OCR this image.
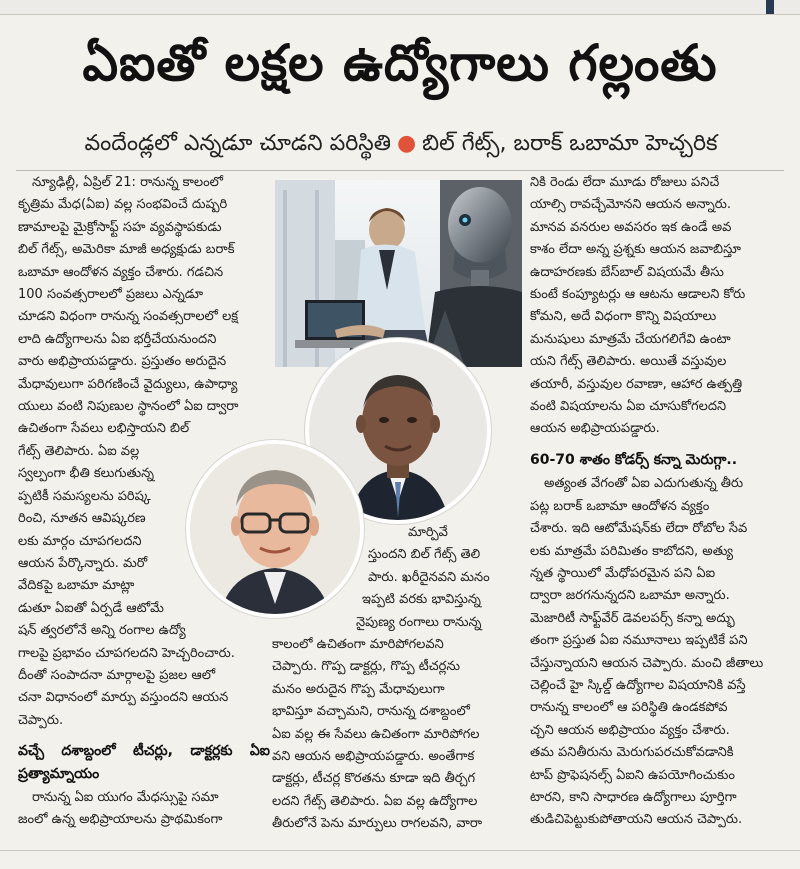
ఏఐతో లక్షల ఉద్యోగాలు గల్లంతు
వందేండ్లలో ఎన్నడూ చూడని పరిస్థితి ● బిల్ గేట్స్, బరాక్ ఒబామా హెచ్చరిక

న్యూఢిల్లీ, ఏప్రిల్ 21: రానున్న కాలంలో

కృత్రిమ మేధ(ఏఐ) వల్ల సంభవించే దుష్పరి

ణామాలపై మైక్రోసాఫ్ట్ సహ వ్యవస్థాపకుడు

బిల్ గేట్స్, అమెరికా మాజీ అధ్యక్షుడు బరాక్

ఒబామా ఆందోళన వ్యక్తం చేశారు. గడచిన

100 సంవత్సరాలలో ప్రజలు ఎన్నడూ

చూడని విధంగా రానున్న సంవత్సరాలలో లక్ష

లాది ఉద్యోగాలను ఏఐ భర్తీచేయనుందని

వారు అభిప్రాయపడ్డారు. ప్రస్తుతం అరుదైన

మేధావులుగా పరిగణించే వైద్యులు, ఉపాధ్యా

యులు వంటి నిపుణుల స్థానంలో ఏఐ ద్వారా

ఉచితంగా సేవలు లభిస్తాయని బిల్

గేట్స్ తెలిపారు. ఏఐ వల్ల

స్వల్పంగా భీతి కలుగుతున్న

ప్పటికీ సమస్యలను పరిష్క

రించి, నూతన ఆవిష్కరణ

లకు మార్గం చూపగలదని

ఆయన పేర్కొన్నారు. మరో

వేదికపై ఒబామా మాట్లా

డుతూ ఏఐతో ఏర్పడే ఆటోమే

షన్ త్వరలోనే అన్ని రంగాల ఉద్యో

గాలపై ప్రభావం చూపగలదని హెచ్చరించారు.

దీంతో సంపాదనా మార్గాలపై ప్రజల ఆలో

చనా విధానంలో మార్పు వస్తుందని ఆయన

చెప్పారు.

వచ్చే దశాబ్దంలో టీచర్లు, డాక్టర్లకు ఏఐ ప్రత్యామ్నాయం

రానున్న ఏఐ యుగం మేధస్సుపై సమా

జంలో ఉన్న అభిప్రాయాలను ప్రాథమికంగా

మార్పివే

స్తుందని బిల్ గేట్స్ తెలి

పారు. ఖరీదైనవని మనం

ఇప్పటి వరకు భావిస్తున్న

నైపుణ్య రంగాలు రానున్న

కాలంలో ఉచితంగా మారిపోగలవని

చెప్పారు. గొప్ప డాక్టర్లు, గొప్ప టీచర్లను

మనం అరుదైన గొప్ప మేధావులుగా

భావిస్తూ వచ్చామని, రానున్న దశాబ్దంలో

ఏఐ వల్ల ఈ సేవలు ఉచితంగా మారిపోగల

వని ఆయన అభిప్రాయపడ్డారు. అంతేగాక

డాక్టర్లు, టీచర్ల కొరతను కూడా ఇది తీర్చగ

లదని గేట్స్ తెలిపారు. ఏఐ వల్ల ఉద్యోగాల

తీరులోనే పెను మార్పులు రాగలవని, వారా

నికి రెండు లేదా మూడు రోజులు పనిచే

యాల్సి రావచ్చేమోనని ఆయన అన్నారు.

మానవ వనరుల అవసరం ఇక ఉండే అవ

కాశం లేదా అన్న ప్రశ్నకు ఆయన జవాబిస్తూ

ఉదాహరణకు బేస్‌బాల్ విషయమే తీసు

కుంటే కంప్యూటర్లు ఆ ఆటను ఆడాలని కోరు

కోమని, అదే విధంగా కొన్ని విషయాలు

మనుషులు మాత్రమే చేయగలిగేవి ఉంటా

యని గేట్స్ తెలిపారు. అయితే వస్తువుల

తయారీ, వస్తువుల రవాణా, ఆహార ఉత్పత్తి

వంటి విషయాలను ఏఐ చూసుకోగలదని

ఆయన అభిప్రాయపడ్డారు.

60-70 శాతం కోడర్స్ కన్నా మెరుగ్గా..

అత్యంత వేగంతో ఏఐ ఎదుగుతున్న తీరు

పట్ల బరాక్ ఒబామా ఆందోళన వ్యక్తం

చేశారు. ఇది ఆటోమేషన్‌కు లేదా రోబోల సేవ

లకు మాత్రమే పరిమితం కాబోదని, అత్యు

న్నత స్థాయిలో మేధోపరమైన పని ఏఐ

ద్వారా జరగనున్నదని ఒబామా అన్నారు.

మెజారిటీ సాఫ్ట్‌వేర్ డెవలపర్స్ కన్నా అద్భు

తంగా ప్రస్తుత ఏఐ నమూనాలు ఇప్పటికే పని

చేస్తున్నాయని ఆయన చెప్పారు. మంచి జీతాలు

చెల్లించే హై స్కిల్డ్ ఉద్యోగాల విషయానికి వస్తే

రానున్న కాలంలో ఆ పరిస్థితి ఉండకపోవ

చ్చని ఆయన అభిప్రాయం వ్యక్తం చేశారు.

తమ పనితీరును మెరుగుపరచుకోవడానికి

టాప్ ప్రొఫెషనల్స్ ఏఐని ఉపయోగించుకుం

టారని, కాని సాధారణ ఉద్యోగాలు పూర్తిగా

తుడిచిపెట్టుకుపోతాయని ఆయన చెప్పారు.
